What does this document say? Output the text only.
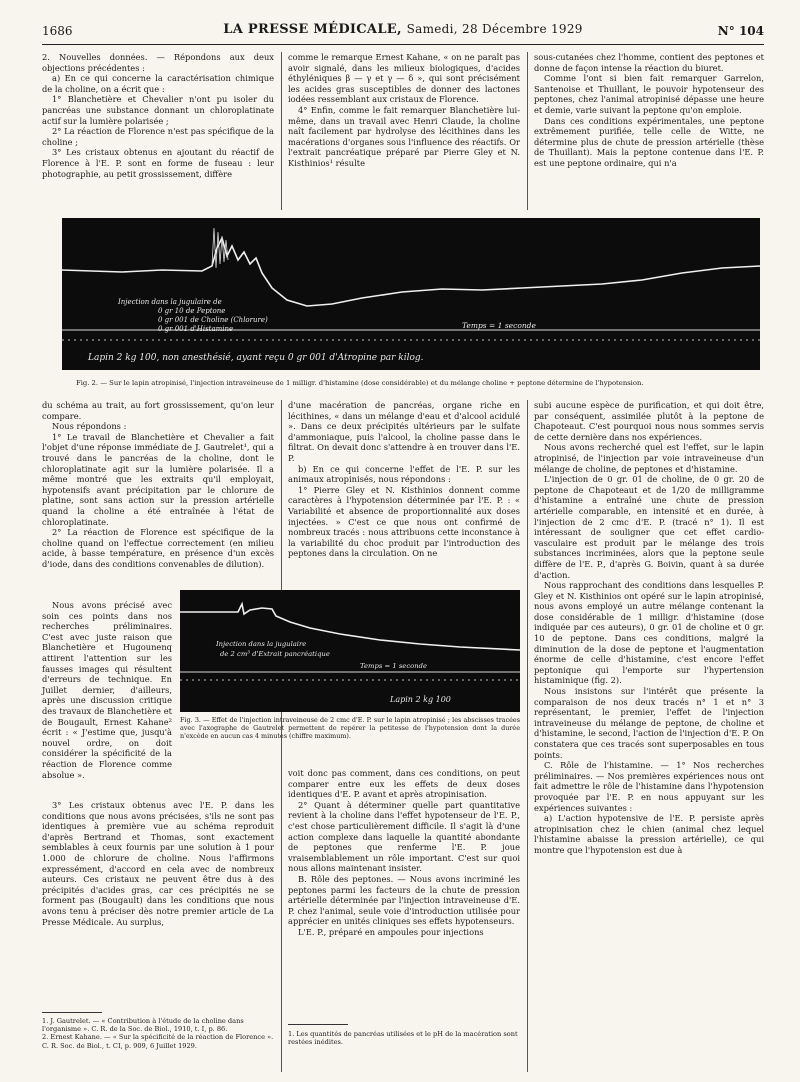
1686	LA PRESSE MÉDICALE, Samedi, 28 Décembre 1929	N° 104

2. Nouvelles données. — Répondons aux deux objections précédentes :

a) En ce qui concerne la caractérisation chimique de la choline, on a écrit que :

1° Blanchetière et Chevalier n'ont pu isoler du pancréas une substance donnant un chloroplatinate actif sur la lumière polarisée ;

2° La réaction de Florence n'est pas spécifique de la choline ;

3° Les cristaux obtenus en ajoutant du réactif de Florence à l'E. P. sont en forme de fuseau : leur photographie, au petit grossissement, diffère

comme le remarque Ernest Kahane, « on ne paraît pas avoir signalé, dans les milieux biologiques, d'acides éthyléniques β — γ et γ — δ », qui sont précisément les acides gras susceptibles de donner des lactones iodées ressemblant aux cristaux de Florence.

4° Enfin, comme le fait remarquer Blanchetière lui-même, dans un travail avec Henri Claude, la choline naît facilement par hydrolyse des lécithines dans les macérations d'organes sous l'influence des réactifs. Or l'extrait pancréatique préparé par Pierre Gley et N. Kisthinios¹ résulte

sous-cutanées chez l'homme, contient des peptones et donne de façon intense la réaction du biuret.

Comme l'ont si bien fait remarquer Garrelon, Santenoise et Thuillant, le pouvoir hypotenseur des peptones, chez l'animal atropinisé dépasse une heure et demie, varie suivant la peptone qu'on emploie.

Dans ces conditions expérimentales, une peptone extrêmement purifiée, telle celle de Witte, ne détermine plus de chute de pression artérielle (thèse de Thuillant). Mais la peptone contenue dans l'E. P. est une peptone ordinaire, qui n'a

Injection dans la jugulaire de
0 gr 10 de Peptone
0 gr 001 de Choline (Chlorure)
0 gr 001 d'Histamine	Temps = 1 seconde
Lapin 2 kg 100, non anesthésié, ayant reçu 0 gr 001 d'Atropine par kilog.
Fig. 2. — Sur le lapin atropinisé, l'injection intraveineuse de 1 milligr. d'histamine (dose considérable) et du mélange choline + peptone détermine de l'hypotension.

du schéma au trait, au fort grossissement, qu'on leur compare.

Nous répondons :

1° Le travail de Blanchetière et Chevalier a fait l'objet d'une réponse immédiate de J. Gautrelet¹, qui a trouvé dans le pancréas de la choline, dont le chloroplatinate agit sur la lumière polarisée. Il a même montré que les extraits qu'il employait, hypotensifs avant précipitation par le chlorure de platine, sont sans action sur la pression artérielle quand la choline a été entraînée à l'état de chloroplatinate.

2° La réaction de Florence est spécifique de la choline quand on l'effectue correctement (en milieu acide, à basse température, en présence d'un excès d'iode, dans des conditions convenables de dilution).

Nous avons précisé avec soin ces points dans nos recherches préliminaires. C'est avec juste raison que Blanchetière et Hugounenq attirent l'attention sur les fausses images qui résultent d'erreurs de technique. En Juillet dernier, d'ailleurs, après une discussion critique des travaux de Blanchetière et de Bougault, Ernest Kahane² écrit : « J'estime que, jusqu'à nouvel ordre, on doit considérer la spécificité de la réaction de Florence comme absolue ».

3° Les cristaux obtenus avec l'E. P. dans les conditions que nous avons précisées, s'ils ne sont pas identiques à première vue au schéma reproduit d'après Bertrand et Thomas, sont exactement semblables à ceux fournis par une solution à 1 pour 1.000 de chlorure de choline. Nous l'affirmons expressément, d'accord en cela avec de nombreux auteurs. Ces cristaux ne peuvent être dus à des précipités d'acides gras, car ces précipités ne se forment pas (Bougault) dans les conditions que nous avons tenu à préciser dès notre premier article de La Presse Médicale. Au surplus,

1. J. Gautrelet. — « Contribution à l'étude de la choline dans l'organisme ». C. R. de la Soc. de Biol., 1910, t. I, p. 86.
2. Ernest Kahane. — « Sur la spécificité de la réaction de Florence ». C. R. Soc. de Biol., t. CI, p. 909, 6 Juillet 1929.

d'une macération de pancréas, organe riche en lécithines, « dans un mélange d'eau et d'alcool acidulé ». Dans ce deux précipités ultérieurs par le sulfate d'ammoniaque, puis l'alcool, la choline passe dans le filtrat. On devait donc s'attendre à en trouver dans l'E. P.

b) En ce qui concerne l'effet de l'E. P. sur les animaux atropinisés, nous répondons :

1° Pierre Gley et N. Kisthinios donnent comme caractères à l'hypotension déterminée par l'E. P. : « Variabilité et absence de proportionnalité aux doses injectées. » C'est ce que nous ont confirmé de nombreux tracés : nous attribuons cette inconstance à la variabilité du choc produit par l'introduction des peptones dans la circulation. On ne

Injection dans la jugulaire
de 2 cm³ d'Extrait pancréatique
Temps = 1 seconde
Lapin 2 kg 100
Fig. 3. — Effet de l'injection intraveineuse de 2 cmc d'E. P. sur le lapin atropinisé ; les abscisses tracées avec l'axographe de Gautrelet permettent de repérer la petitesse de l'hypotension dont la durée n'excède en aucun cas 4 minutes (chiffre maximum).

voit donc pas comment, dans ces conditions, on peut comparer entre eux les effets de deux doses identiques d'E. P. avant et après atropinisation.

2° Quant à déterminer quelle part quantitative revient à la choline dans l'effet hypotenseur de l'E. P., c'est chose particulièrement difficile. Il s'agit là d'une action complexe dans laquelle la quantité abondante de peptones que renferme l'E. P. joue vraisemblablement un rôle important. C'est sur quoi nous allons maintenant insister.

B. Rôle des peptones. — Nous avons incriminé les peptones parmi les facteurs de la chute de pression artérielle déterminée par l'injection intraveineuse d'E. P. chez l'animal, seule voie d'introduction utilisée pour apprécier en unités cliniques ses effets hypotenseurs.

L'E. P., préparé en ampoules pour injections

1. Les quantités de pancréas utilisées et le pH de la macération sont restées inédites.

subi aucune espèce de purification, et qui doit être, par conséquent, assimilée plutôt à la peptone de Chapoteaut. C'est pourquoi nous nous sommes servis de cette dernière dans nos expériences.

Nous avons recherché quel est l'effet, sur le lapin atropinisé, de l'injection par voie intraveineuse d'un mélange de choline, de peptones et d'histamine.

L'injection de 0 gr. 01 de choline, de 0 gr. 20 de peptone de Chapoteaut et de 1/20 de milligramme d'histamine a entraîné une chute de pression artérielle comparable, en intensité et en durée, à l'injection de 2 cmc d'E. P. (tracé n° 1). Il est intéressant de souligner que cet effet cardio-vasculaire est produit par le mélange des trois substances incriminées, alors que la peptone seule diffère de l'E. P., d'après G. Boivin, quant à sa durée d'action.

Nous rapprochant des conditions dans lesquelles P. Gley et N. Kisthinios ont opéré sur le lapin atropinisé, nous avons employé un autre mélange contenant la dose considérable de 1 milligr. d'histamine (dose indiquée par ces auteurs), 0 gr. 01 de choline et 0 gr. 10 de peptone. Dans ces conditions, malgré la diminution de la dose de peptone et l'augmentation énorme de celle d'histamine, c'est encore l'effet peptonique qui l'emporte sur l'hypertension histaminique (fig. 2).

Nous insistons sur l'intérêt que présente la comparaison de nos deux tracés n° 1 et n° 3 représentant, le premier, l'effet de l'injection intraveineuse du mélange de peptone, de choline et d'histamine, le second, l'action de l'injection d'E. P. On constatera que ces tracés sont superposables en tous points.

C. Rôle de l'histamine. — 1° Nos recherches préliminaires. — Nos premières expériences nous ont fait admettre le rôle de l'histamine dans l'hypotension provoquée par l'E. P. en nous appuyant sur les expériences suivantes :

a) L'action hypotensive de l'E. P. persiste après atropinisation chez le chien (animal chez lequel l'histamine abaisse la pression artérielle), ce qui montre que l'hypotension est due à
